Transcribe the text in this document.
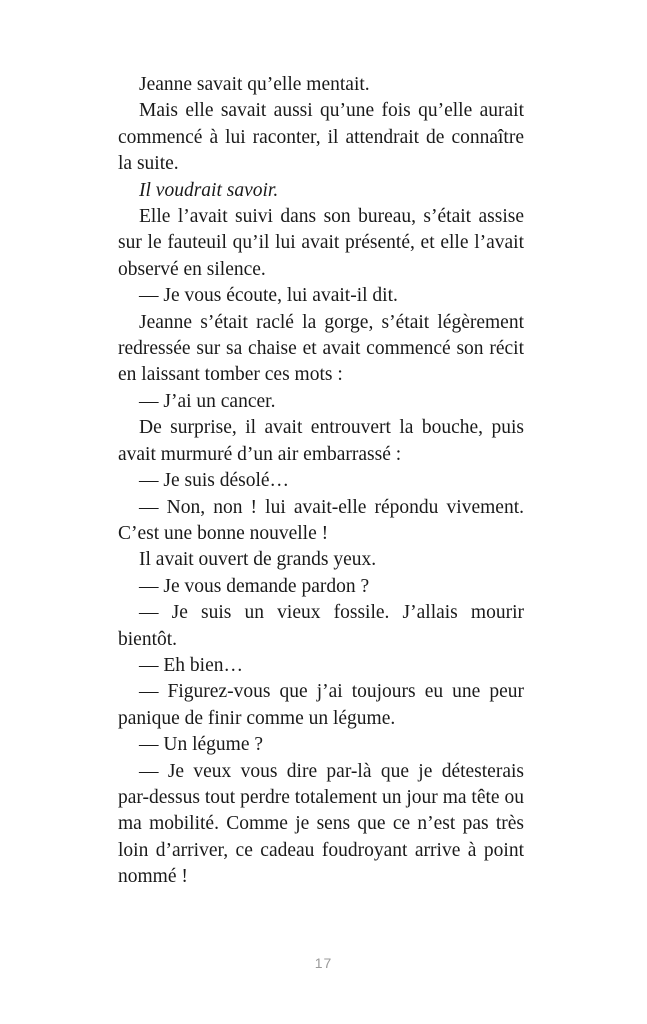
Jeanne savait qu’elle mentait.

Mais elle savait aussi qu’une fois qu’elle aurait commencé à lui raconter, il attendrait de connaître la suite.

Il voudrait savoir.

Elle l’avait suivi dans son bureau, s’était assise sur le fauteuil qu’il lui avait présenté, et elle l’avait observé en silence.

— Je vous écoute, lui avait-il dit.

Jeanne s’était raclé la gorge, s’était légèrement redressée sur sa chaise et avait commencé son récit en laissant tomber ces mots :

— J’ai un cancer.

De surprise, il avait entrouvert la bouche, puis avait murmuré d’un air embarrassé :

— Je suis désolé…

— Non, non ! lui avait-elle répondu vivement. C’est une bonne nouvelle !

Il avait ouvert de grands yeux.

— Je vous demande pardon ?

— Je suis un vieux fossile. J’allais mourir bientôt.

— Eh bien…

— Figurez-vous que j’ai toujours eu une peur panique de finir comme un légume.

— Un légume ?

— Je veux vous dire par-là que je détesterais par-dessus tout perdre totalement un jour ma tête ou ma mobilité. Comme je sens que ce n’est pas très loin d’arriver, ce cadeau foudroyant arrive à point nommé !

17
